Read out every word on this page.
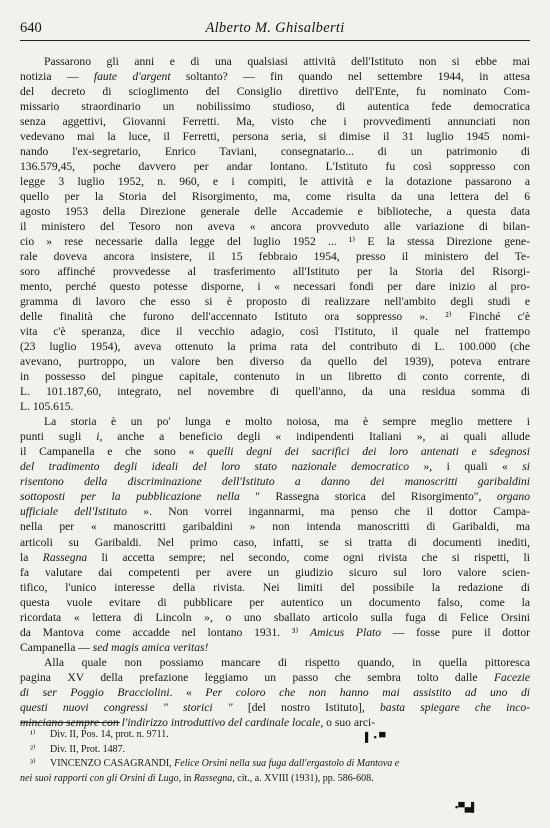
640	Alberto M. Ghisalberti
Passarono gli anni e di una qualsiasi attività dell'Istituto non si ebbe mai
notizia — faute d'argent soltanto? — fin quando nel settembre 1944, in attesa
del decreto di scioglimento del Consiglio direttivo dell'Ente, fu nominato Com-
missario straordinario un nobilissimo studioso, di autentica fede democratica
senza aggettivi, Giovanni Ferretti. Ma, visto che i provvedimenti annunciati non
vedevano mai la luce, il Ferretti, persona seria, si dimise il 31 luglio 1945 nomi-
nando l'ex-segretario, Enrico Taviani, consegnatario... di un patrimonio di
136.579,45, poche davvero per andar lontano. L'Istituto fu così soppresso con
legge 3 luglio 1952, n. 960, e i compiti, le attività e la dotazione passarono a
quello per la Storia del Risorgimento, ma, come risulta da una lettera del 6
agosto 1953 della Direzione generale delle Accademie e biblioteche, a questa data
il ministero del Tesoro non aveva « ancora provveduto alle variazione di bilan-
cio » rese necessarie dalla legge del luglio 1952 ... ¹⁾ E la stessa Direzione gene-
rale doveva ancora insistere, il 15 febbraio 1954, presso il ministero del Te-
soro affinché provvedesse al trasferimento all'Istituto per la Storia del Risorgi-
mento, perché questo potesse disporne, i « necessari fondi per dare inizio al pro-
gramma di lavoro che esso si è proposto di realizzare nell'ambito degli studi e
delle finalità che furono dell'accennato Istituto ora soppresso ». ²⁾ Finché c'è
vita c'è speranza, dice il vecchio adagio, così l'Istituto, il quale nel frattempo
(23 luglio 1954), aveva ottenuto la prima rata del contributo di L. 100.000 (che
avevano, purtroppo, un valore ben diverso da quello del 1939), poteva entrare
in possesso del pingue capitale, contenuto in un libretto di conto corrente, di
L. 101.187,60, integrato, nel novembre di quell'anno, da una residua somma di
L. 105.615.
La storia è un po' lunga e molto noiosa, ma è sempre meglio mettere i
punti sugli i, anche a beneficio degli « indipendenti Italiani », ai quali allude
il Campanella e che sono « quelli degni dei sacrifici dei loro antenati e sdegnosi
del tradimento degli ideali del loro stato nazionale democratico », i quali « si
risentono della discriminazione dell'Istituto a danno dei manoscritti garibaldini
sottoposti per la pubblicazione nella " Rassegna storica del Risorgimento", organo
ufficiale dell'Istituto ». Non vorrei ingannarmi, ma penso che il dottor Campa-
nella per « manoscritti garibaldini » non intenda manoscritti di Garibaldi, ma
articoli su Garibaldi. Nel primo caso, infatti, se si tratta di documenti inediti,
la Rassegna li accetta sempre; nel secondo, come ogni rivista che si rispetti, li
fa valutare dai competenti per avere un giudizio sicuro sul loro valore scien-
tifico, l'unico interesse della rivista. Nei limiti del possibile la redazione di
questa vuole evitare di pubblicare per autentico un documento falso, come la
ricordata « lettera di Lincoln », o uno sballato articolo sulla fuga di Felice Orsini
da Mantova come accadde nel lontano 1931. ³⁾ Amicus Plato — fosse pure il dottor
Campanella — sed magis amica veritas!
Alla quale non possiamo mancare di rispetto quando, in quella pittoresca
pagina XV della prefazione leggiamo un passo che sembra tolto dalle Facezie
di ser Poggio Bracciolini. « Per coloro che non hanno mai assistito ad uno di
questi nuovi congressi " storici " [del nostro Istituto], basta spiegare che inco-
minciano sempre con l'indirizzo introduttivo del cardinale locale, o suo arci-
¹⁾ Div. II, Pos. 14, prot. n. 9711.
²⁾ Div. II, Prot. 1487.
³⁾ VINCENZO CASAGRANDI, Felice Orsini nella sua fuga dall'ergastolo di Mantova e
nei suoi rapporti con gli Orsini di Lugo, in Rassegna, cit., a. XVIII (1931), pp. 586-608.
▌ ▪ ▀
▪▀▄▌
